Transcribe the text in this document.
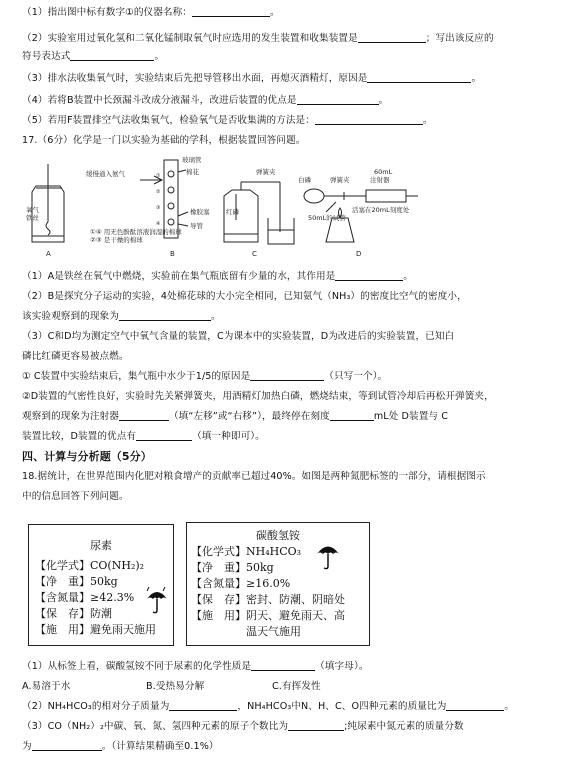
（1）指出图中标有数字①的仪器名称：	。
（2）实验室用过氧化氢和二氧化锰制取氧气时应选用的发生装置和收集装置是	；写出该反应的
符号表达式	。
（3）排水法收集氧气时，实验结束后先把导管移出水面，再熄灭酒精灯，原因是	。
（4）若将B装置中长颈漏斗改成分液漏斗，改进后装置的优点是	。
（5）若用F装置排空气法收集氧气，检验氧气是否收集满的方法是：	。
17.（6分）化学是一门以实验为基础的学科，根据装置回答问题。
氧气
铁丝
A
缓慢通入氨气
玻璃管
棉花
橡胶塞
导管
①④ 用无色酚酞溶液润湿的棉球
②③ 是干燥的棉球
B
①
②
③
④
弹簧夹
红磷
C
白磷	弹簧夹
60mL
注射器
活塞在20mL刻度处
50mL的试管
D
（1）A是铁丝在氧气中燃烧，实验前在集气瓶底留有少量的水，其作用是	。
（2）B是探究分子运动的实验，4处棉花球的大小完全相同，已知氨气（NH₃）的密度比空气的密度小，
该实验观察到的现象为	。
（3）C和D均为测定空气中氧气含量的装置，C为课本中的实验装置，D为改进后的实验装置，已知白
磷比红磷更容易被点燃。
① C装置中实验结束后，集气瓶中水少于1/5的原因是	（只写一个）。
②D装置的气密性良好，实验时先关紧弹簧夹，用酒精灯加热白磷，燃烧结束，等到试管冷却后再松开弹簧夹，
观察到的现象为注射器	（填“左移”或“右移”），最终停在刻度	mL处 D装置与 C
装置比较，D装置的优点有	（填一种即可）。
四、计算与分析题（5分）
18.据统计，在世界范围内化肥对粮食增产的贡献率已超过40%。如图是两种氮肥标签的一部分，请根据图示
中的信息回答下列问题。
尿素
【化学式】CO(NH₂)₂
【净　重】50kg
【含氮量】≥42.3%
【保　存】防潮
【施　用】避免雨天施用
碳酸氢铵
【化学式】NH₄HCO₃
【净　重】50kg
【含氮量】≥16.0%
【保　存】密封、防潮、阴暗处
【施　用】阴天、避免雨天、高
　　　　　温天气施用
（1）从标签上看，碳酸氢铵不同于尿素的化学性质是	（填字母）。
A.易溶于水	B.受热易分解	C.有挥发性
（2）NH₄HCO₃的相对分子质量为	，NH₄HCO₃中N、H、C、O四种元素的质量比为	。
（3）CO（NH₂）₂中碳、氧、氮、氢四种元素的原子个数比为	;纯尿素中氮元素的质量分数
为	。（计算结果精确至0.1%）
